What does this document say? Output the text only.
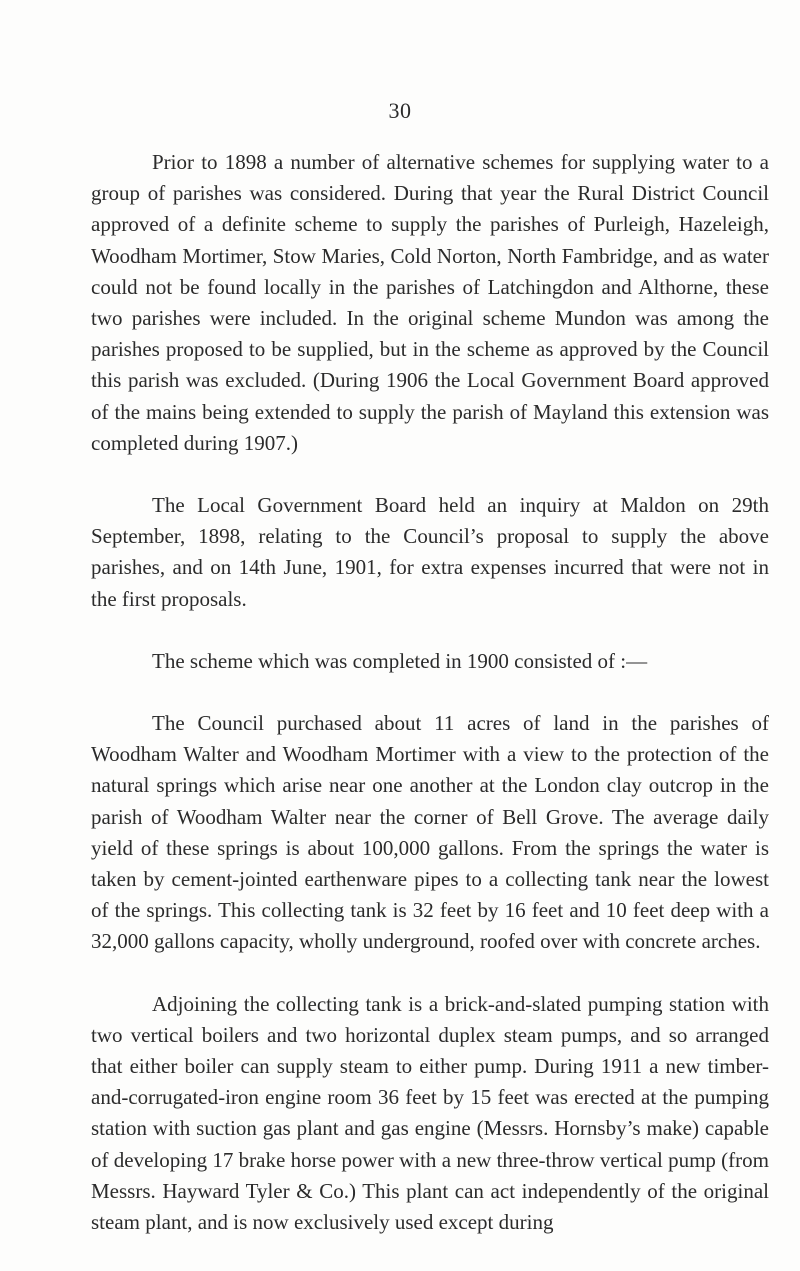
30

Prior to 1898 a number of alternative schemes for supplying water to a group of parishes was considered. During that year the Rural District Council approved of a definite scheme to supply the parishes of Purleigh, Hazeleigh, Woodham Mortimer, Stow Maries, Cold Norton, North Fambridge, and as water could not be found locally in the parishes of Latchingdon and Althorne, these two parishes were included. In the original scheme Mundon was among the parishes proposed to be supplied, but in the scheme as approved by the Council this parish was excluded. (During 1906 the Local Government Board approved of the mains being extended to supply the parish of Mayland this extension was completed during 1907.)

The Local Government Board held an inquiry at Maldon on 29th September, 1898, relating to the Council’s proposal to supply the above parishes, and on 14th June, 1901, for extra expenses incurred that were not in the first proposals.

The scheme which was completed in 1900 consisted of :—

The Council purchased about 11 acres of land in the parishes of Woodham Walter and Woodham Mortimer with a view to the protection of the natural springs which arise near one another at the London clay outcrop in the parish of Woodham Walter near the corner of Bell Grove. The average daily yield of these springs is about 100,000 gallons. From the springs the water is taken by cement-jointed earthenware pipes to a collecting tank near the lowest of the springs. This collecting tank is 32 feet by 16 feet and 10 feet deep with a 32,000 gallons capacity, wholly underground, roofed over with concrete arches.

Adjoining the collecting tank is a brick-and-slated pumping station with two vertical boilers and two horizontal duplex steam pumps, and so arranged that either boiler can supply steam to either pump. During 1911 a new timber-and-corrugated-iron engine room 36 feet by 15 feet was erected at the pumping station with suction gas plant and gas engine (Messrs. Hornsby’s make) capable of developing 17 brake horse power with a new three-throw vertical pump (from Messrs. Hayward Tyler & Co.) This plant can act independently of the original steam plant, and is now exclusively used except during
